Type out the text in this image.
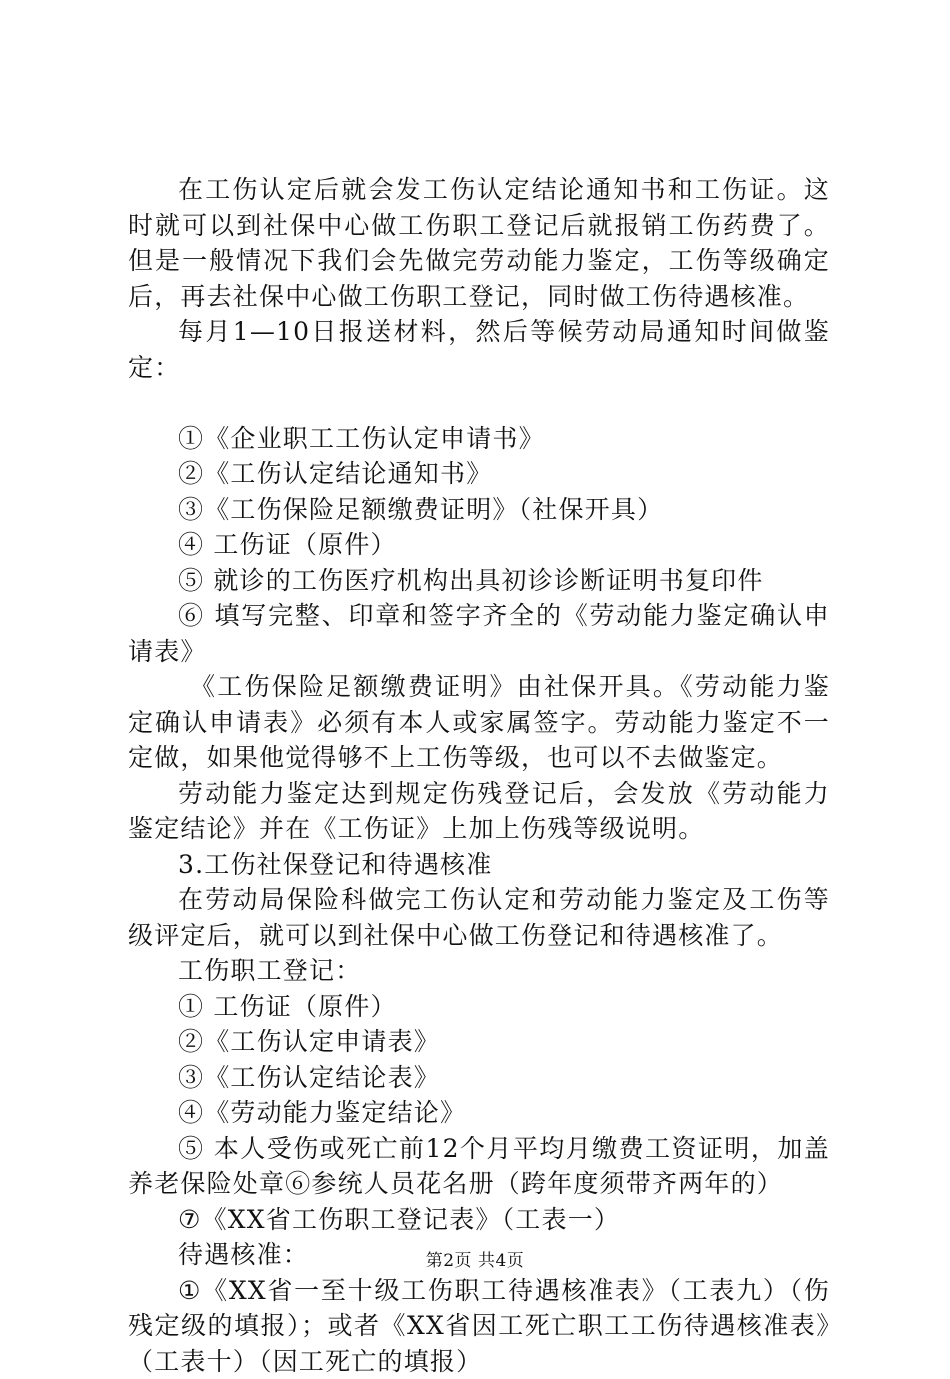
在工伤认定后就会发工伤认定结论通知书和工伤证。这时就可以到社保中心做工伤职工登记后就报销工伤药费了。但是一般情况下我们会先做完劳动能力鉴定，工伤等级确定后，再去社保中心做工伤职工登记，同时做工伤待遇核准。

每月1—10日报送材料，然后等候劳动局通知时间做鉴定：

①《企业职工工伤认定申请书》

②《工伤认定结论通知书》

③《工伤保险足额缴费证明》（社保开具）

④ 工伤证（原件）

⑤ 就诊的工伤医疗机构出具初诊诊断证明书复印件

⑥ 填写完整、印章和签字齐全的《劳动能力鉴定确认申请表》

《工伤保险足额缴费证明》由社保开具。《劳动能力鉴定确认申请表》必须有本人或家属签字。劳动能力鉴定不一定做，如果他觉得够不上工伤等级，也可以不去做鉴定。

劳动能力鉴定达到规定伤残登记后，会发放《劳动能力鉴定结论》并在《工伤证》上加上伤残等级说明。

3.工伤社保登记和待遇核准

在劳动局保险科做完工伤认定和劳动能力鉴定及工伤等级评定后，就可以到社保中心做工伤登记和待遇核准了。

工伤职工登记：

① 工伤证（原件）

②《工伤认定申请表》

③《工伤认定结论表》

④《劳动能力鉴定结论》

⑤ 本人受伤或死亡前12个月平均月缴费工资证明，加盖养老保险处章⑥参统人员花名册（跨年度须带齐两年的）

⑦《XX省工伤职工登记表》（工表一）

待遇核准：

①《XX省一至十级工伤职工待遇核准表》（工表九）（伤残定级的填报）；或者《XX省因工死亡职工工伤待遇核准表》（工表十）（因工死亡的填报）

第2页 共4页
